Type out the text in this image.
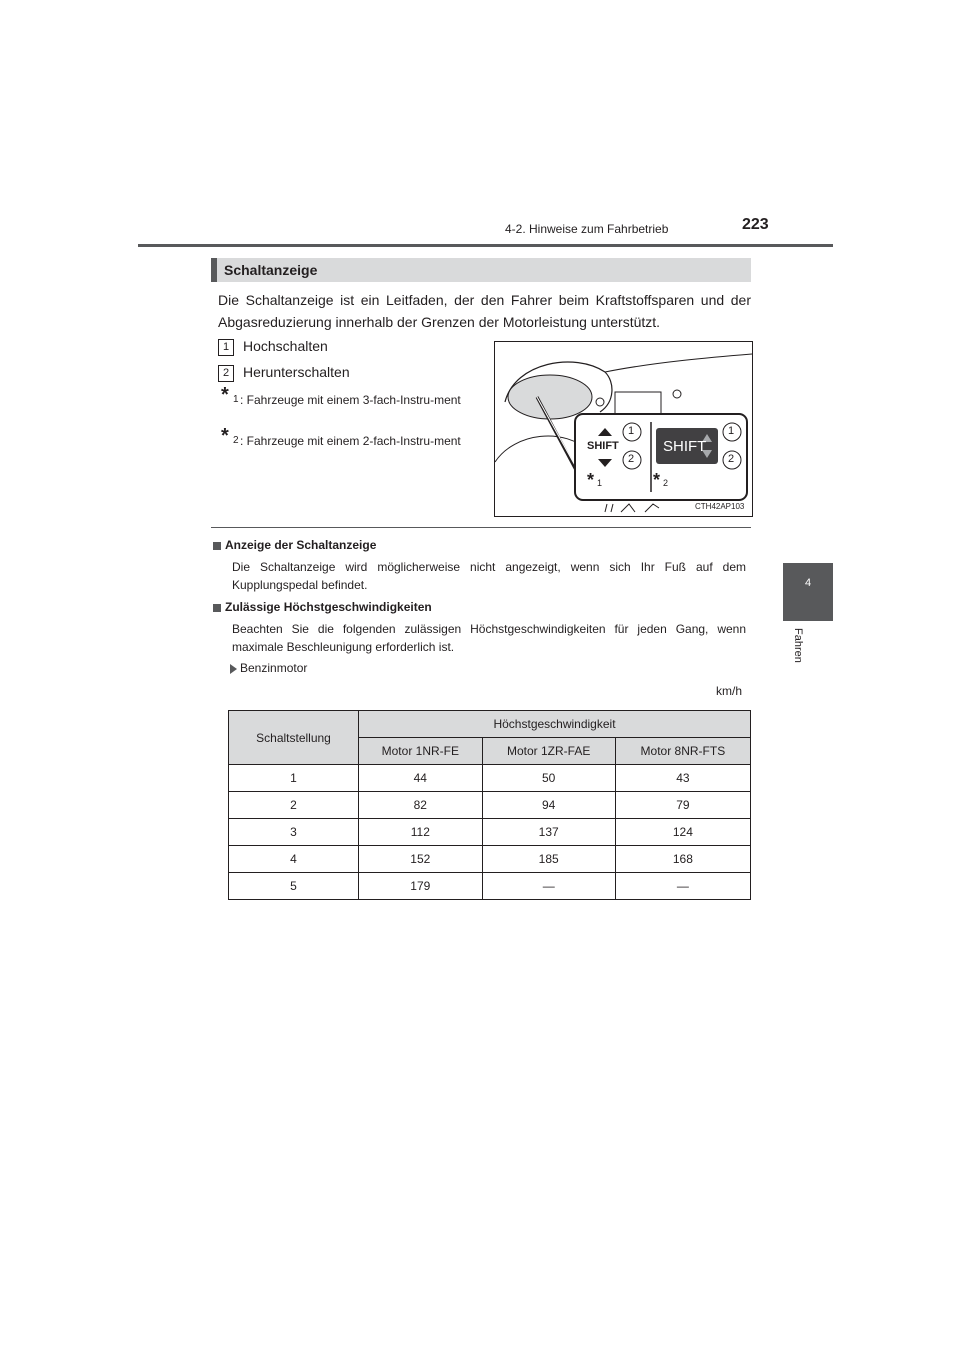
4-2. Hinweise zum Fahrbetrieb	223
4
Fahren
Schaltanzeige
Die Schaltanzeige ist ein Leitfaden, der den Fahrer beim Kraftstoffsparen und der Abgasreduzierung innerhalb der Grenzen der Motorleistung unterstützt.
1 Hochschalten
2 Herunterschalten
* 1 : Fahrzeuge mit einem 3-fach-Instru-ment
* 2 : Fahrzeuge mit einem 2-fach-Instru-ment	SHIFT	SHIFT
1
2
1
2
* 1	* 2
CTH42AP103
Anzeige der Schaltanzeige
Die Schaltanzeige wird möglicherweise nicht angezeigt, wenn sich Ihr Fuß auf dem Kupplungspedal befindet.
Zulässige Höchstgeschwindigkeiten
Beachten Sie die folgenden zulässigen Höchstgeschwindigkeiten für jeden Gang, wenn maximale Beschleunigung erforderlich ist.
Benzinmotor
km/h
Schaltstellung	Höchstgeschwindigkeit		
	Motor 1NR-FE	Motor 1ZR-FAE	Motor 8NR-FTS
1	44	50	43
2	82	94	79
3	112	137	124
4	152	185	168
5	179	—	—
